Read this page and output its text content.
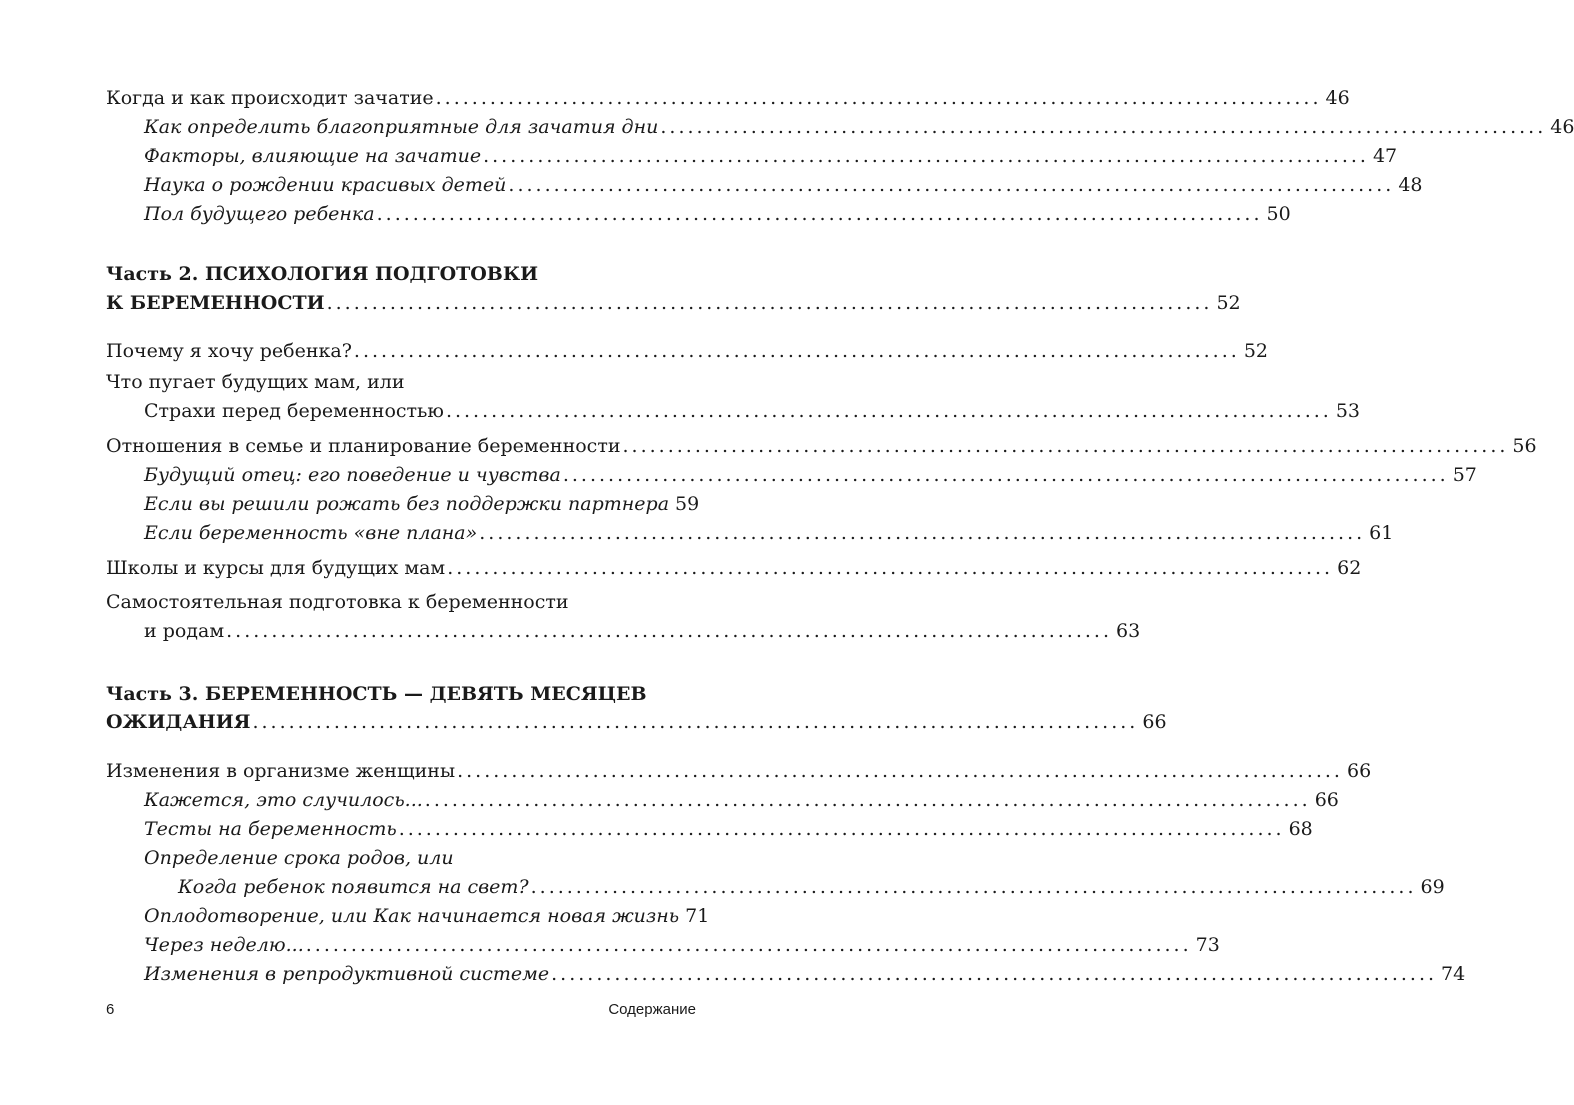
Когда и как происходит зачатие .................................................................................................. 46
Как определить благоприятные для зачатия дни .................................................................................................. 46
Факторы, влияющие на зачатие .................................................................................................. 47
Наука о рождении красивых детей .................................................................................................. 48
Пол будущего ребенка .................................................................................................. 50
Часть 2. ПСИХОЛОГИЯ ПОДГОТОВКИ
К БЕРЕМЕННОСТИ .................................................................................................. 52
Почему я хочу ребенка? .................................................................................................. 52
Что пугает будущих мам, или
Страхи перед беременностью .................................................................................................. 53
Отношения в семье и планирование беременности .................................................................................................. 56
Будущий отец: его поведение и чувства .................................................................................................. 57
Если вы решили рожать без поддержки партнера 59
Если беременность «вне плана» .................................................................................................. 61
Школы и курсы для будущих мам .................................................................................................. 62
Самостоятельная подготовка к беременности
и родам .................................................................................................. 63
Часть 3. БЕРЕМЕННОСТЬ — ДЕВЯТЬ МЕСЯЦЕВ
ОЖИДАНИЯ .................................................................................................. 66
Изменения в организме женщины .................................................................................................. 66
Кажется, это случилось... .................................................................................................. 66
Тесты на беременность .................................................................................................. 68
Определение срока родов, или
Когда ребенок появится на свет? .................................................................................................. 69
Оплодотворение, или Как начинается новая жизнь 71
Через неделю... .................................................................................................. 73
Изменения в репродуктивной системе .................................................................................................. 74
6	Содержание
